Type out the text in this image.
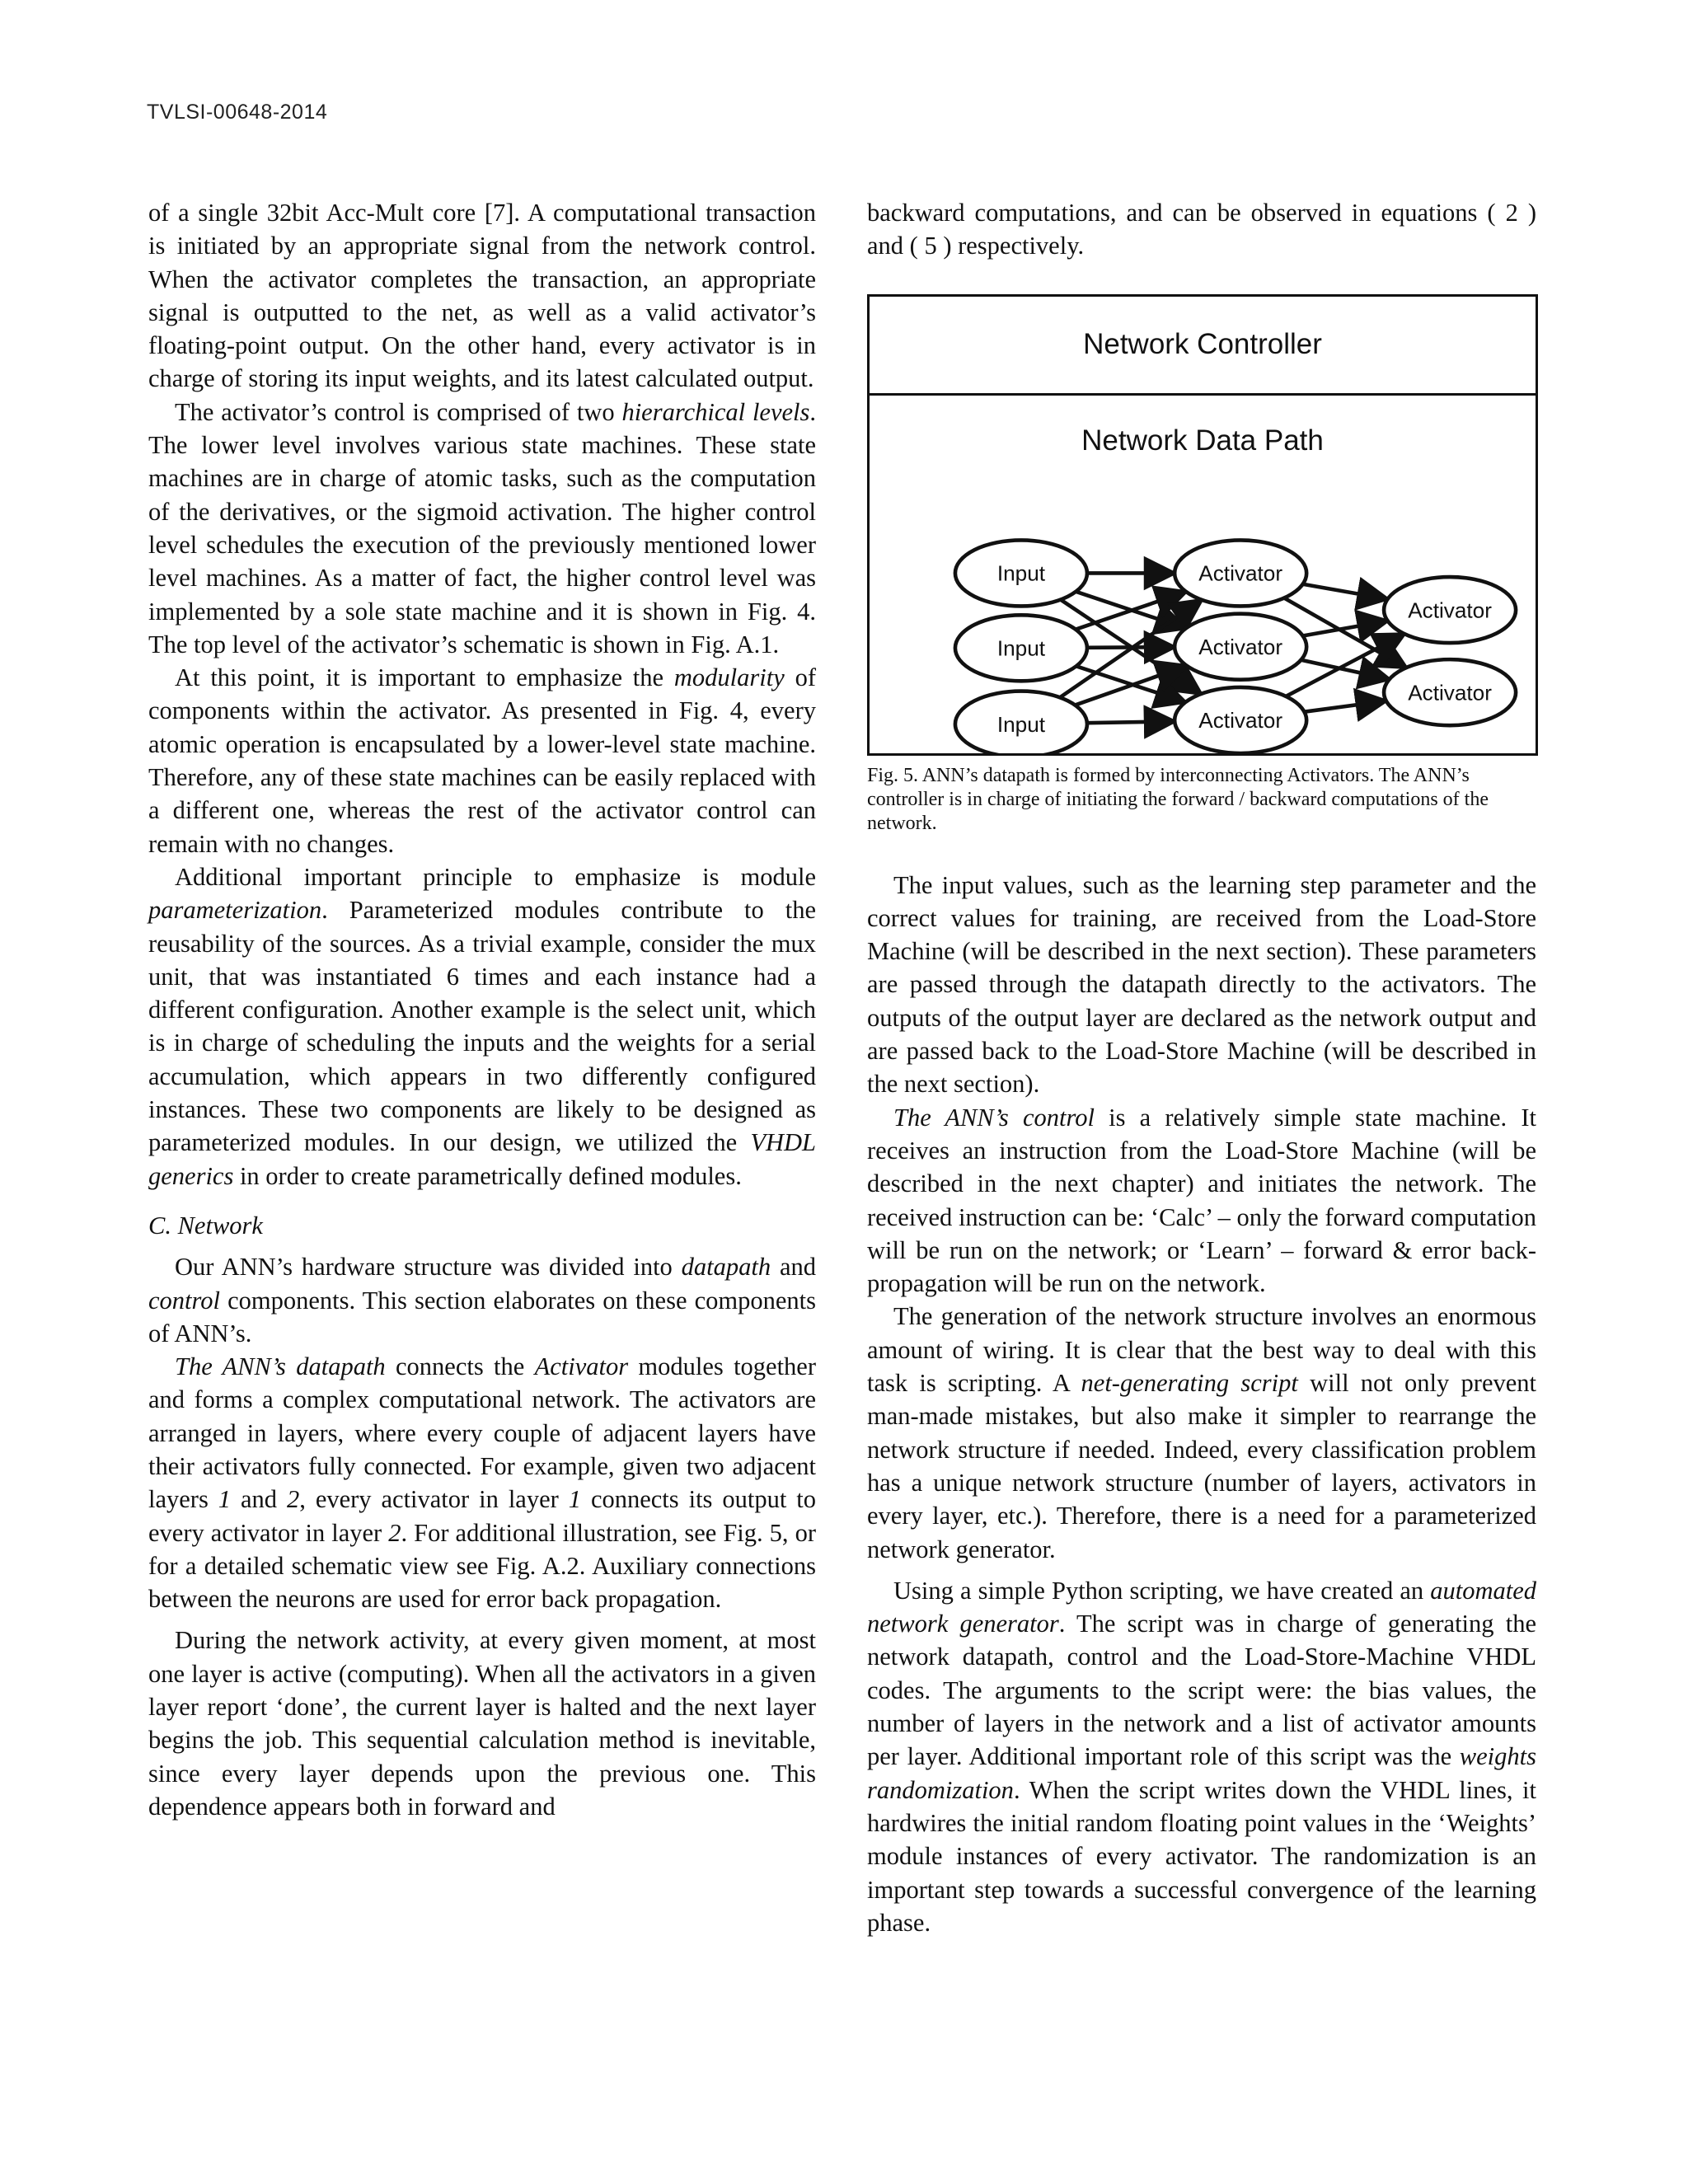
TVLSI-00648-2014

of a single 32bit Acc-Mult core [7]. A computational transaction is initiated by an appropriate signal from the network control. When the activator completes the transaction, an appropriate signal is outputted to the net, as well as a valid activator’s floating-point output. On the other hand, every activator is in charge of storing its input weights, and its latest calculated output.

The activator’s control is comprised of two hierarchical levels. The lower level involves various state machines. These state machines are in charge of atomic tasks, such as the computation of the derivatives, or the sigmoid activation. The higher control level schedules the execution of the previously mentioned lower level machines. As a matter of fact, the higher control level was implemented by a sole state machine and it is shown in Fig. 4. The top level of the activator’s schematic is shown in Fig. A.1.

At this point, it is important to emphasize the modularity of components within the activator. As presented in Fig. 4, every atomic operation is encapsulated by a lower-level state machine. Therefore, any of these state machines can be easily replaced with a different one, whereas the rest of the activator control can remain with no changes.

Additional important principle to emphasize is module parameterization. Parameterized modules contribute to the reusability of the sources. As a trivial example, consider the mux unit, that was instantiated 6 times and each instance had a different configuration. Another example is the select unit, which is in charge of scheduling the inputs and the weights for a serial accumulation, which appears in two differently configured instances. These two components are likely to be designed as parameterized modules. In our design, we utilized the VHDL generics in order to create parametrically defined modules.

C. Network

Our ANN’s hardware structure was divided into datapath and control components. This section elaborates on these components of ANN’s.

The ANN’s datapath connects the Activator modules together and forms a complex computational network. The activators are arranged in layers, where every couple of adjacent layers have their activators fully connected. For example, given two adjacent layers 1 and 2, every activator in layer 1 connects its output to every activator in layer 2. For additional illustration, see Fig. 5, or for a detailed schematic view see Fig. A.2. Auxiliary connections between the neurons are used for error back propagation.

During the network activity, at every given moment, at most one layer is active (computing). When all the activators in a given layer report ‘done’, the current layer is halted and the next layer begins the job. This sequential calculation method is inevitable, since every layer depends upon the previous one. This dependence appears both in forward and

backward computations, and can be observed in equations ( 2 ) and ( 5 ) respectively.

Network Controller
Network Data Path
Input
Input
Input
Activator
Activator
Activator
Activator
Activator
Fig. 5. ANN’s datapath is formed by interconnecting Activators. The ANN’s controller is in charge of initiating the forward / backward computations of the network.

The input values, such as the learning step parameter and the correct values for training, are received from the Load-Store Machine (will be described in the next section). These parameters are passed through the datapath directly to the activators. The outputs of the output layer are declared as the network output and are passed back to the Load-Store Machine (will be described in the next section).

The ANN’s control is a relatively simple state machine. It receives an instruction from the Load-Store Machine (will be described in the next chapter) and initiates the network. The received instruction can be: ‘Calc’ – only the forward computation will be run on the network; or ‘Learn’ – forward & error back-propagation will be run on the network.

The generation of the network structure involves an enormous amount of wiring. It is clear that the best way to deal with this task is scripting. A net-generating script will not only prevent man-made mistakes, but also make it simpler to rearrange the network structure if needed. Indeed, every classification problem has a unique network structure (number of layers, activators in every layer, etc.). Therefore, there is a need for a parameterized network generator.

Using a simple Python scripting, we have created an automated network generator. The script was in charge of generating the network datapath, control and the Load-Store-Machine VHDL codes. The arguments to the script were: the bias values, the number of layers in the network and a list of activator amounts per layer. Additional important role of this script was the weights randomization. When the script writes down the VHDL lines, it hardwires the initial random floating point values in the ‘Weights’ module instances of every activator. The randomization is an important step towards a successful convergence of the learning phase.
